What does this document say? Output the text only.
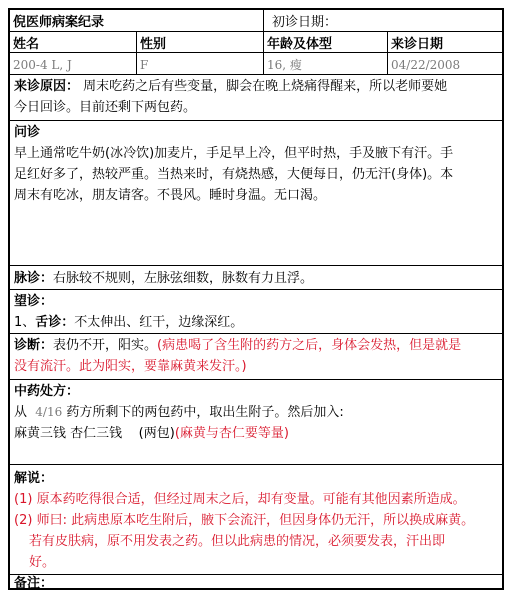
倪医师病案纪录	初诊日期：
姓名	性别	年龄及体型	来诊日期
200-4 L, J	F	16, 瘦	04/22/2008
来诊原因： 周末吃药之后有些变量，脚会在晚上烧痛得醒来，所以老师要她
今日回诊。目前还剩下两包药。
问诊
早上通常吃牛奶(冰冷饮)加麦片，手足早上冷，但平时热，手及腋下有汗。手
足红好多了，热较严重。当热来时，有烧热感，大便每日，仍无汗(身体)。本
周末有吃冰，朋友请客。不畏风。睡时身温。无口渴。
脉诊：右脉较不规则，左脉弦细数，脉数有力且浮。
望诊：
1、舌诊：不太伸出、红干，边缘深红。
诊断：表仍不开，阳实。(病患喝了含生附的药方之后，身体会发热，但是就是
没有流汗。此为阳实，要靠麻黄来发汗。)
中药处方：
从 4/16 药方所剩下的两包药中，取出生附子。然后加入:
麻黄三钱 杏仁三钱 (两包)(麻黄与杏仁要等量)
解说：
(1) 原本药吃得很合适，但经过周末之后，却有变量。可能有其他因素所造成。
(2) 师曰: 此病患原本吃生附后，腋下会流汗，但因身体仍无汗，所以换成麻黄。
若有皮肤病，原不用发表之药。但以此病患的情况，必须要发表，汗出即
好。
备注：
